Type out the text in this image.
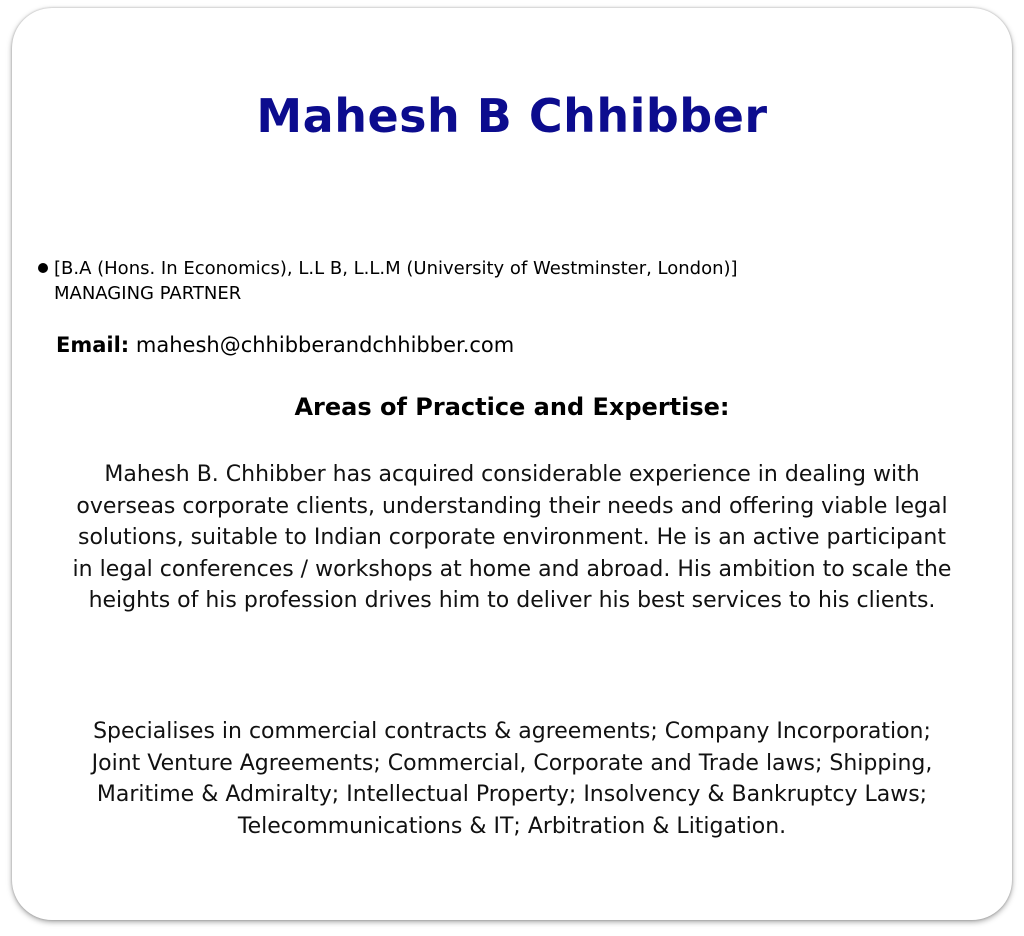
Mahesh B Chhibber
[B.A (Hons. In Economics), L.L B, L.L.M (University of Westminster, London)]
MANAGING PARTNER
Email: mahesh@chhibberandchhibber.com
Areas of Practice and Expertise:

Mahesh B. Chhibber has acquired considerable experience in dealing with overseas corporate clients, understanding their needs and offering viable legal solutions, suitable to Indian corporate environment. He is an active participant in legal conferences / workshops at home and abroad. His ambition to scale the heights of his profession drives him to deliver his best services to his clients.

Specialises in commercial contracts & agreements; Company Incorporation; Joint Venture Agreements; Commercial, Corporate and Trade laws; Shipping, Maritime & Admiralty; Intellectual Property; Insolvency & Bankruptcy Laws; Telecommunications & IT; Arbitration & Litigation.
